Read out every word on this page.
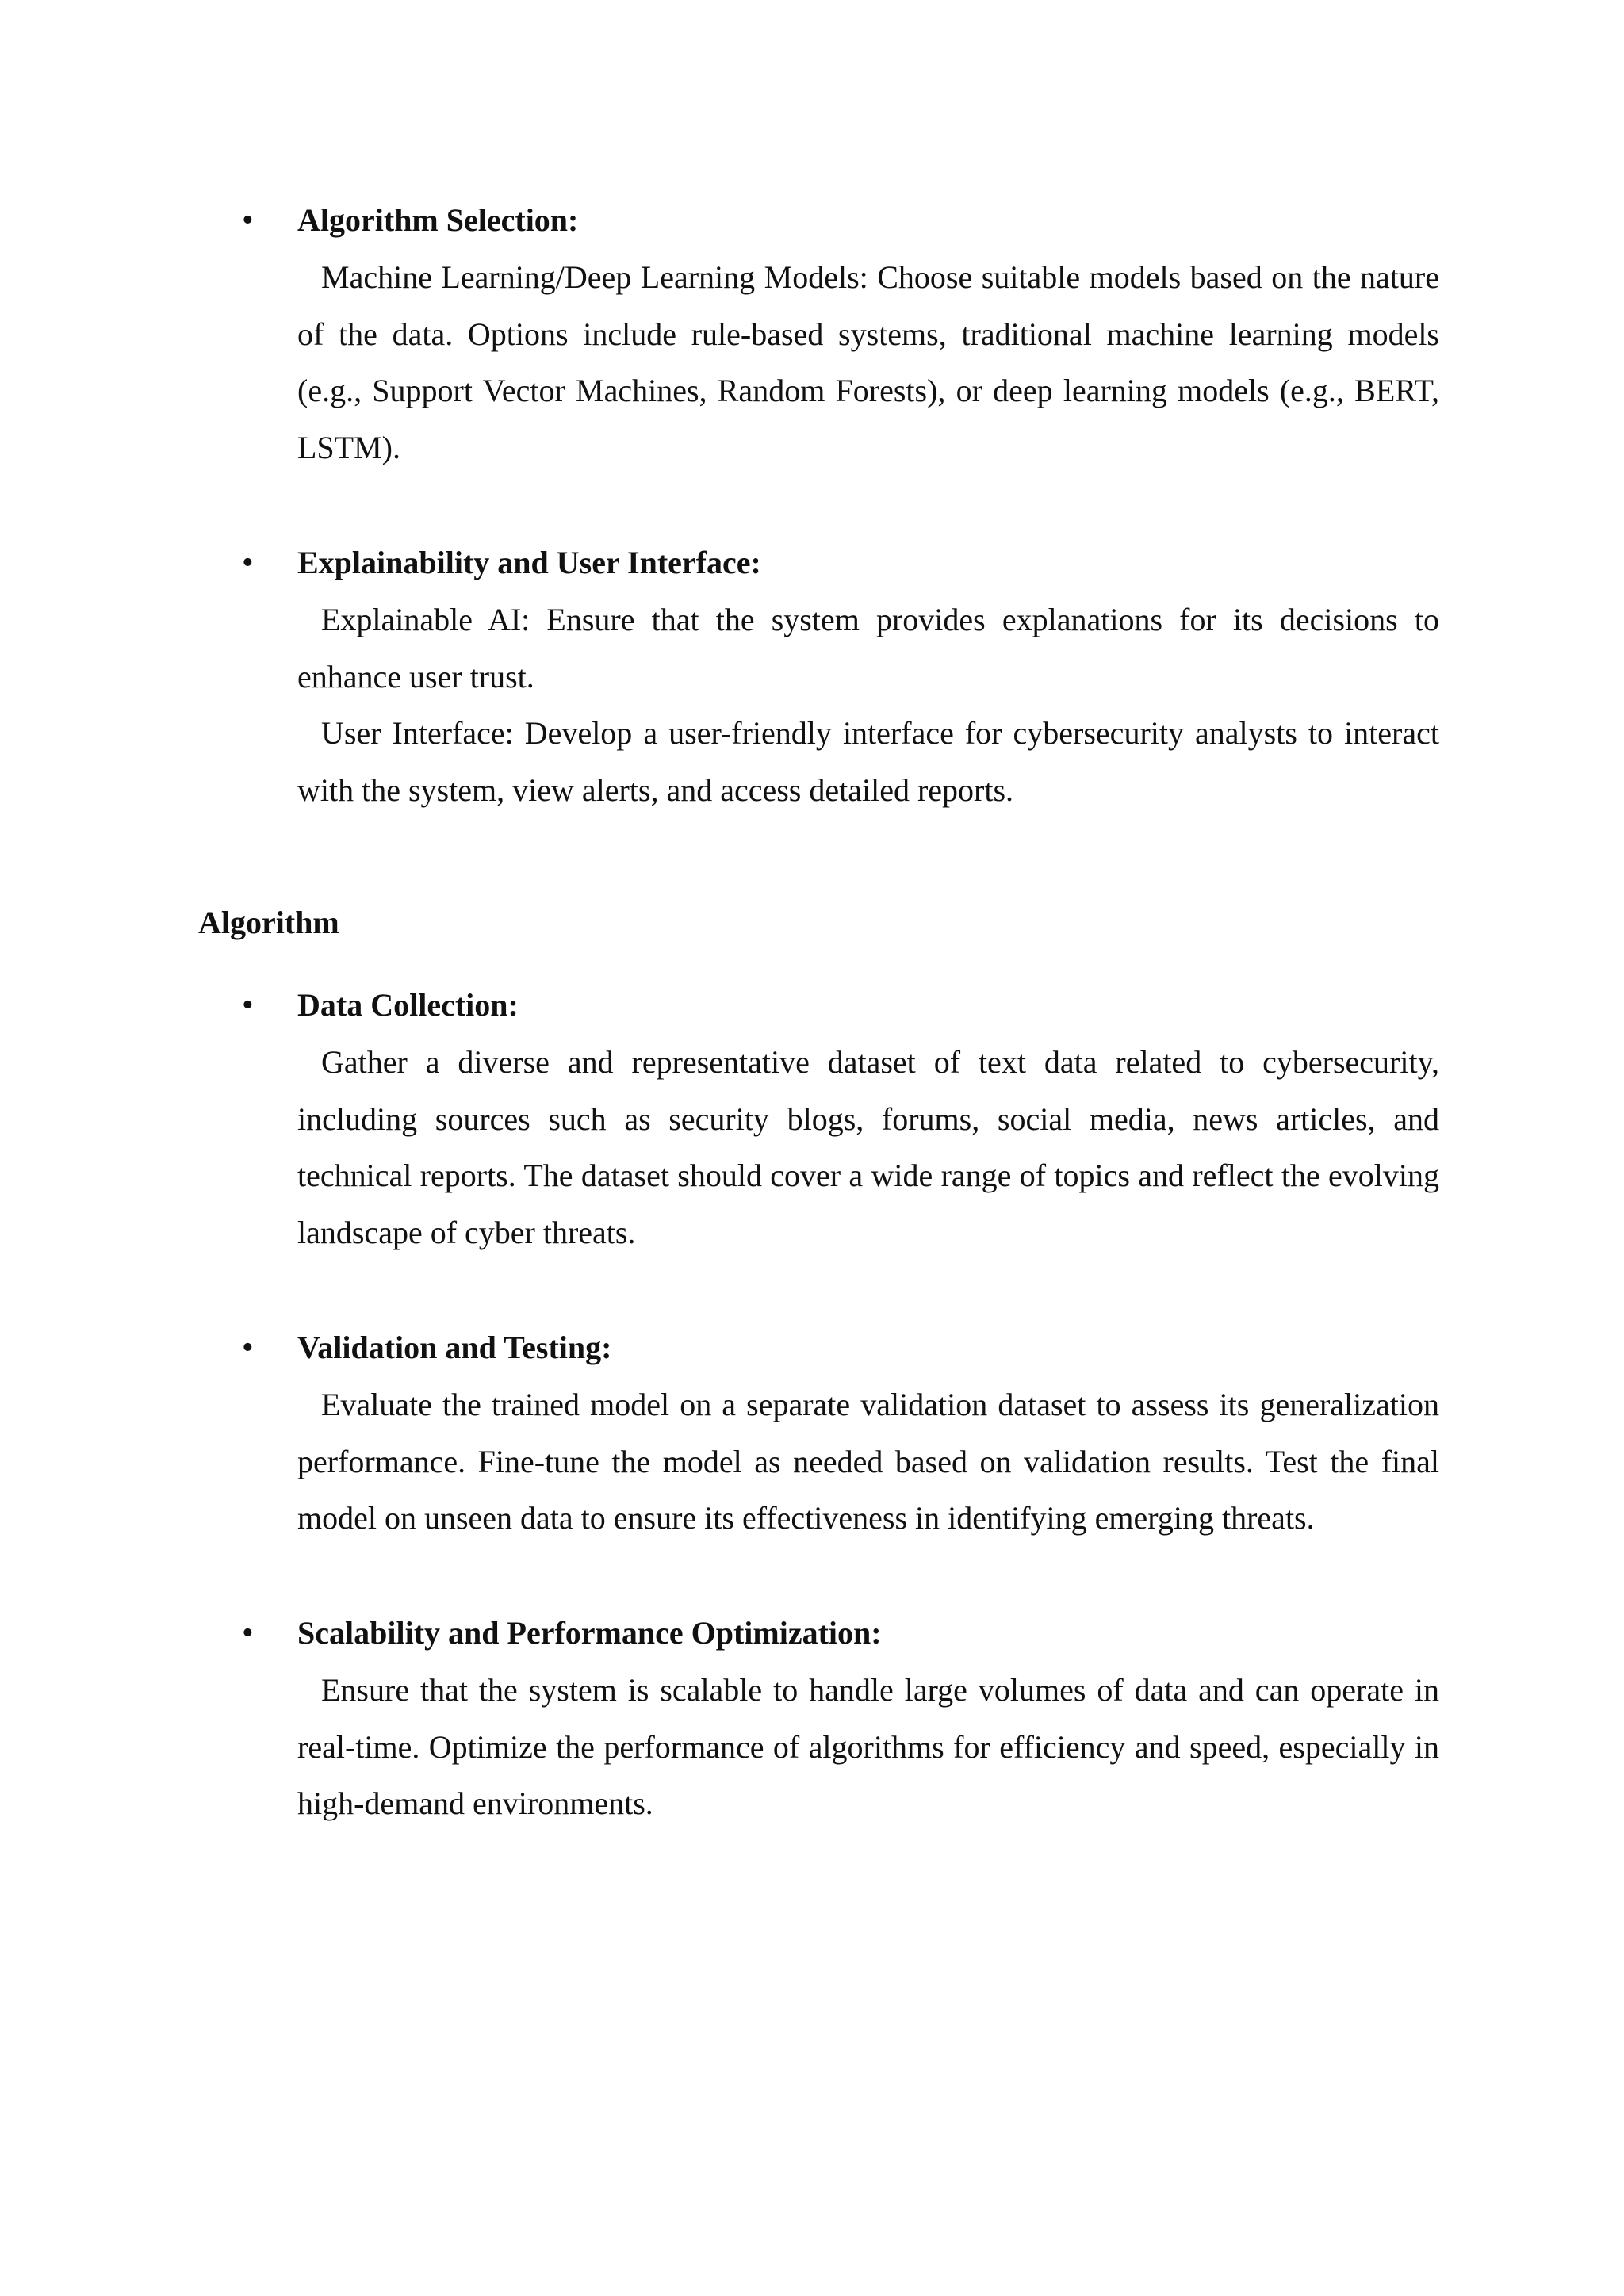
•	Algorithm Selection:

Machine Learning/Deep Learning Models: Choose suitable models based on the nature of the data. Options include rule-based systems, traditional machine learning models (e.g., Support Vector Machines, Random Forests), or deep learning models (e.g., BERT, LSTM).

•	Explainability and User Interface:

Explainable AI: Ensure that the system provides explanations for its decisions to enhance user trust.

User Interface: Develop a user-friendly interface for cybersecurity analysts to interact with the system, view alerts, and access detailed reports.

Algorithm
•	Data Collection:

Gather a diverse and representative dataset of text data related to cybersecurity, including sources such as security blogs, forums, social media, news articles, and technical reports. The dataset should cover a wide range of topics and reflect the evolving landscape of cyber threats.

•	Validation and Testing:

Evaluate the trained model on a separate validation dataset to assess its generalization performance. Fine-tune the model as needed based on validation results. Test the final model on unseen data to ensure its effectiveness in identifying emerging threats.

•	Scalability and Performance Optimization:

Ensure that the system is scalable to handle large volumes of data and can operate in real-time. Optimize the performance of algorithms for efficiency and speed, especially in high-demand environments.
